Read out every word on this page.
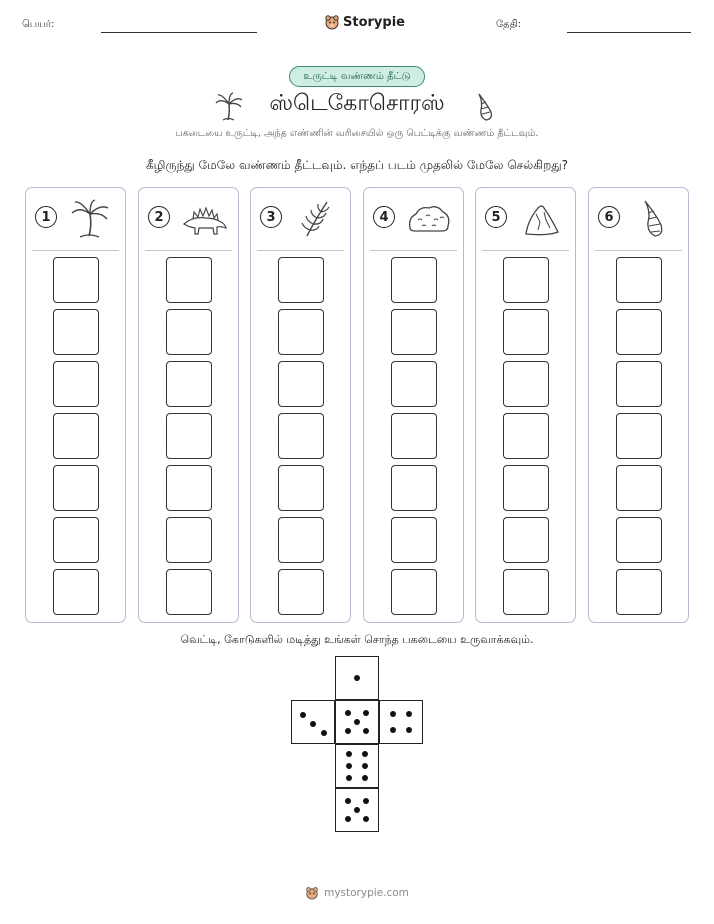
பெயர்:	Storypie	தேதி:
உருட்டி வண்ணம் தீட்டு
ஸ்டெகோசொரஸ்
பகடையை உருட்டி, அந்த எண்ணின் வரிசையில் ஒரு பெட்டிக்கு வண்ணம் தீட்டவும்.
கீழிருந்து மேலே வண்ணம் தீட்டவும். எந்தப் படம் முதலில் மேலே செல்கிறது?
1	2	3	4	5	6
வெட்டி, கோடுகளில் மடித்து உங்கள் சொந்த பகடையை உருவாக்கவும்.
mystorypie.com
